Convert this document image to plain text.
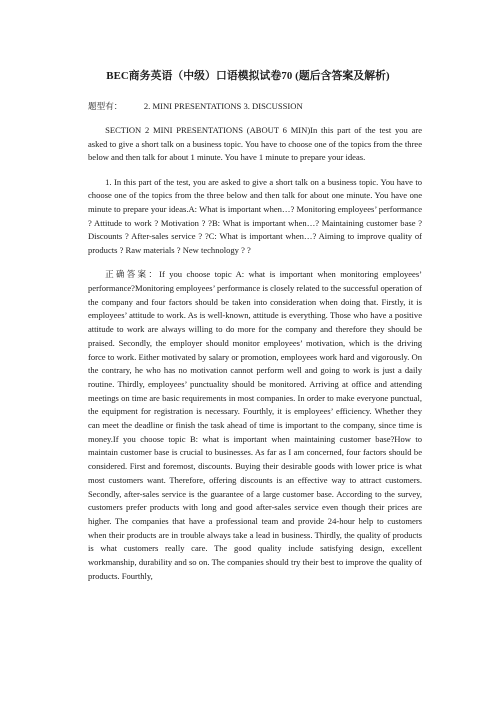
BEC商务英语（中级）口语模拟试卷70 (题后含答案及解析)
题型有： 2. MINI PRESENTATIONS 3. DISCUSSION

SECTION 2 MINI PRESENTATIONS (ABOUT 6 MIN)In this part of the test you are asked to give a short talk on a business topic. You have to choose one of the topics from the three below and then talk for about 1 minute. You have 1 minute to prepare your ideas.

1. In this part of the test, you are asked to give a short talk on a business topic. You have to choose one of the topics from the three below and then talk for about one minute. You have one minute to prepare your ideas.A: What is important when…? Monitoring employees’ performance ? Attitude to work ? Motivation ? ?B: What is important when…? Maintaining customer base ? Discounts ? After-sales service ? ?C: What is important when…? Aiming to improve quality of products ? Raw materials ? New technology ? ?

正确答案：If you choose topic A: what is important when monitoring employees’ performance?Monitoring employees’ performance is closely related to the successful operation of the company and four factors should be taken into consideration when doing that. Firstly, it is employees’ attitude to work. As is well-known, attitude is everything. Those who have a positive attitude to work are always willing to do more for the company and therefore they should be praised. Secondly, the employer should monitor employees’ motivation, which is the driving force to work. Either motivated by salary or promotion, employees work hard and vigorously. On the contrary, he who has no motivation cannot perform well and going to work is just a daily routine. Thirdly, employees’ punctuality should be monitored. Arriving at office and attending meetings on time are basic requirements in most companies. In order to make everyone punctual, the equipment for registration is necessary. Fourthly, it is employees’ efficiency. Whether they can meet the deadline or finish the task ahead of time is important to the company, since time is money.If you choose topic B: what is important when maintaining customer base?How to maintain customer base is crucial to businesses. As far as I am concerned, four factors should be considered. First and foremost, discounts. Buying their desirable goods with lower price is what most customers want. Therefore, offering discounts is an effective way to attract customers. Secondly, after-sales service is the guarantee of a large customer base. According to the survey, customers prefer products with long and good after-sales service even though their prices are higher. The companies that have a professional team and provide 24-hour help to customers when their products are in trouble always take a lead in business. Thirdly, the quality of products is what customers really care. The good quality include satisfying design, excellent workmanship, durability and so on. The companies should try their best to improve the quality of products. Fourthly,
